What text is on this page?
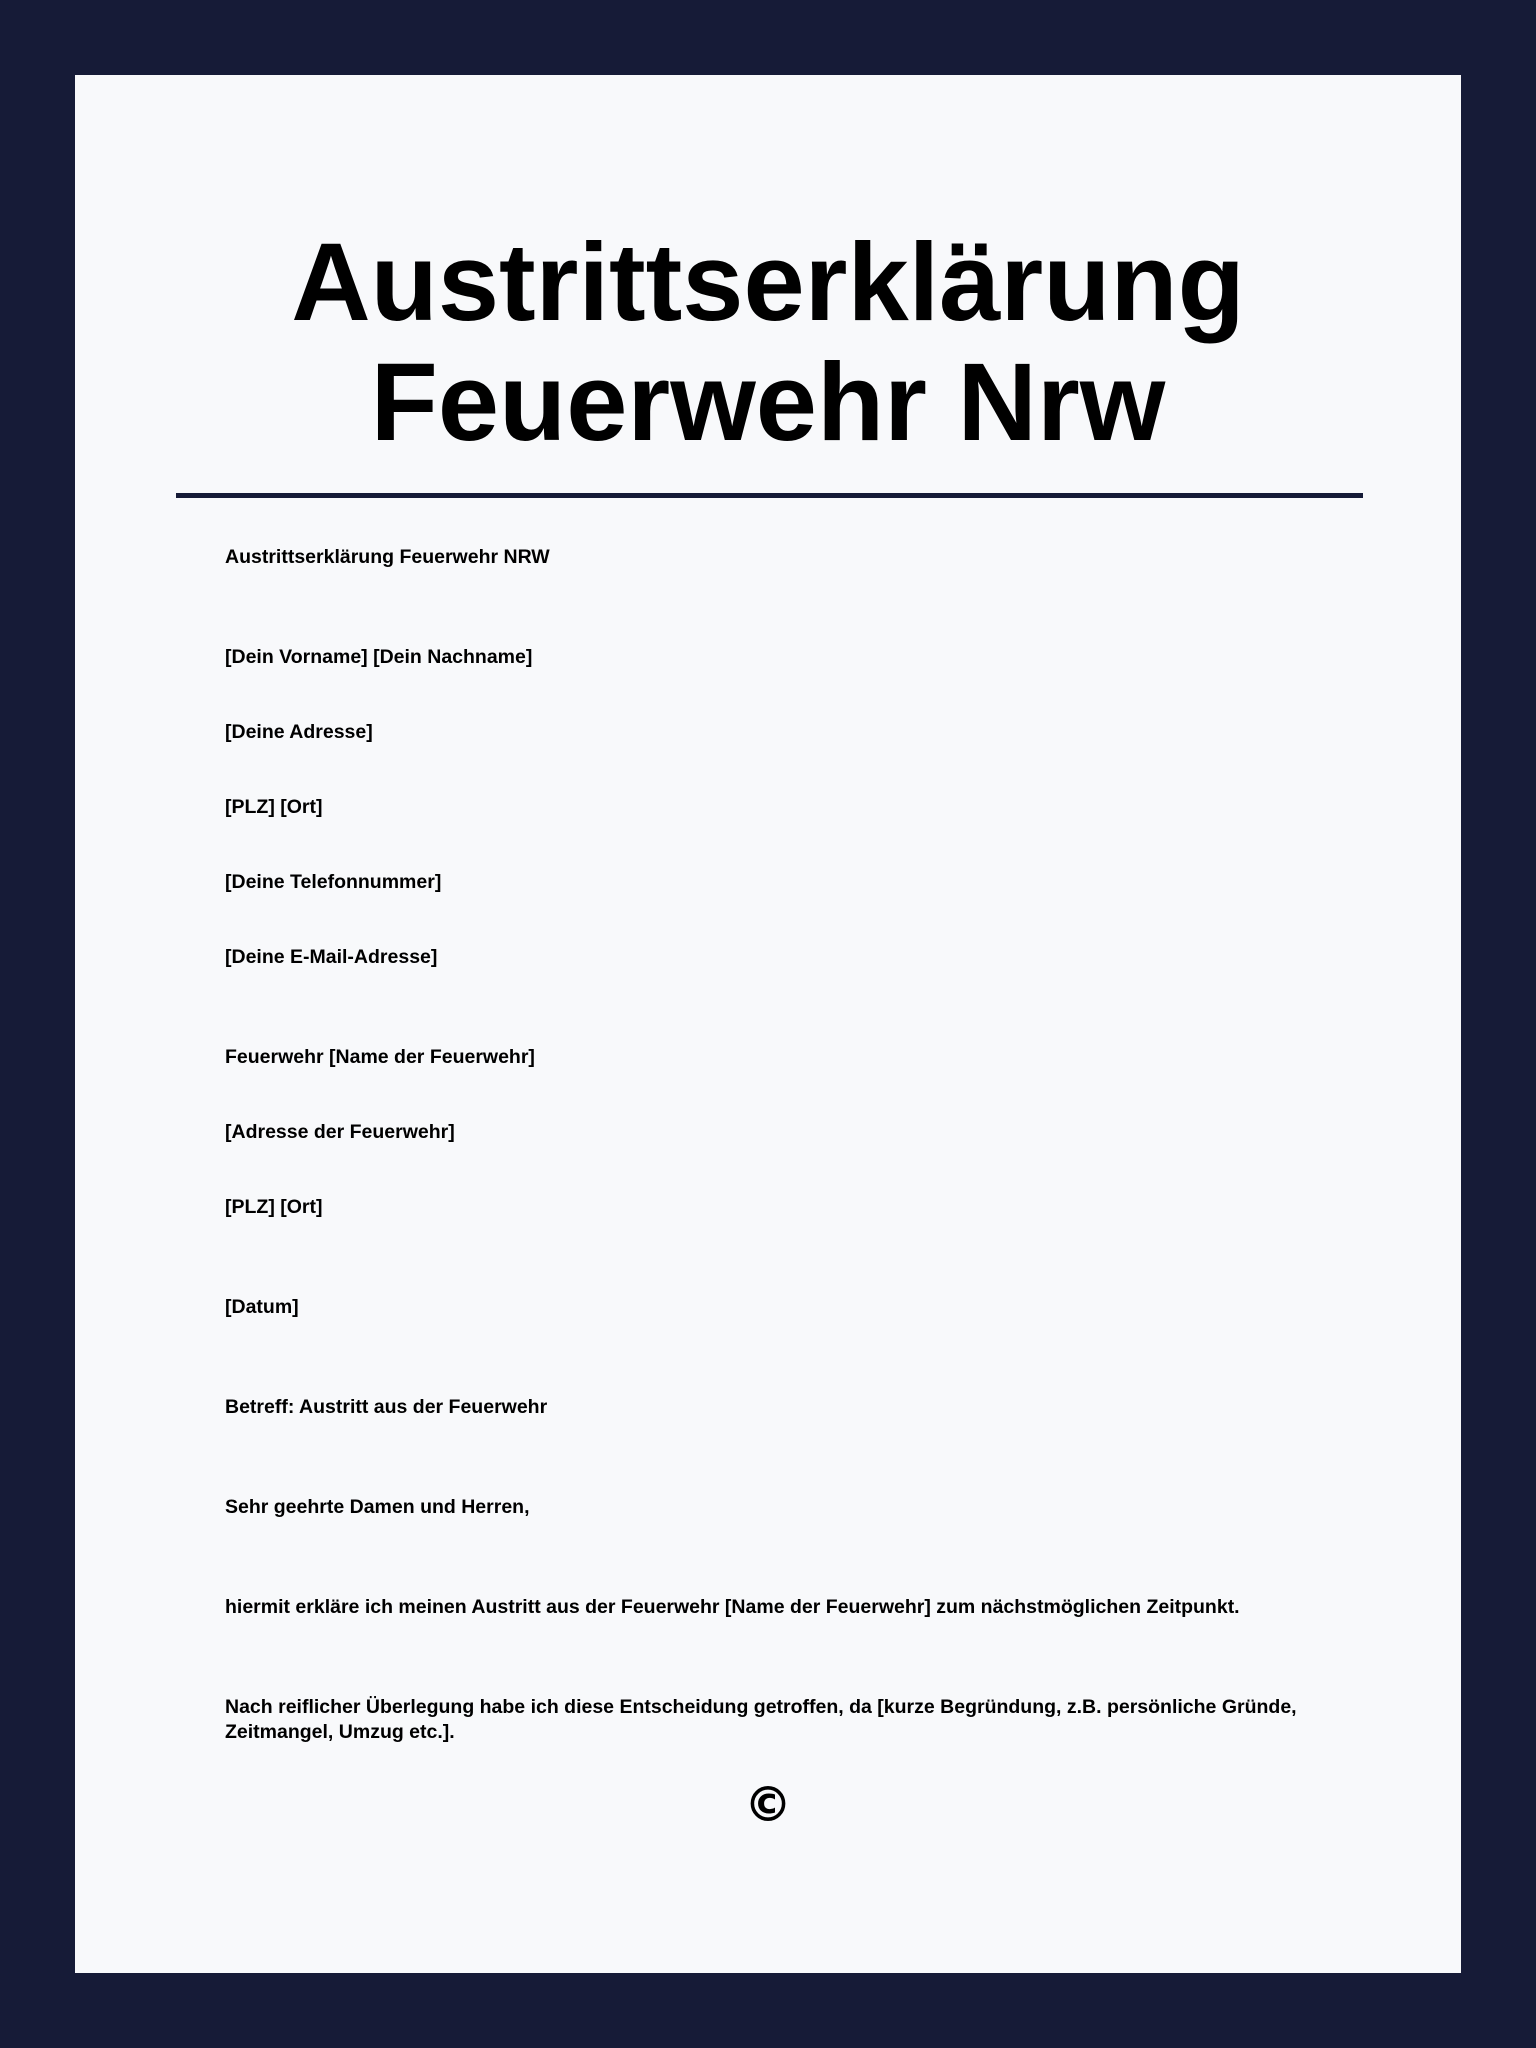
Austrittserklärung
Feuerwehr Nrw

Austrittserklärung Feuerwehr NRW

[Dein Vorname] [Dein Nachname]

[Deine Adresse]

[PLZ] [Ort]

[Deine Telefonnummer]

[Deine E-Mail-Adresse]

Feuerwehr [Name der Feuerwehr]

[Adresse der Feuerwehr]

[PLZ] [Ort]

[Datum]

Betreff: Austritt aus der Feuerwehr

Sehr geehrte Damen und Herren,

hiermit erkläre ich meinen Austritt aus der Feuerwehr [Name der Feuerwehr] zum nächstmöglichen Zeitpunkt.

Nach reiflicher Überlegung habe ich diese Entscheidung getroffen, da [kurze Begründung, z.B. persönliche Gründe, Zeitmangel, Umzug etc.].

©
